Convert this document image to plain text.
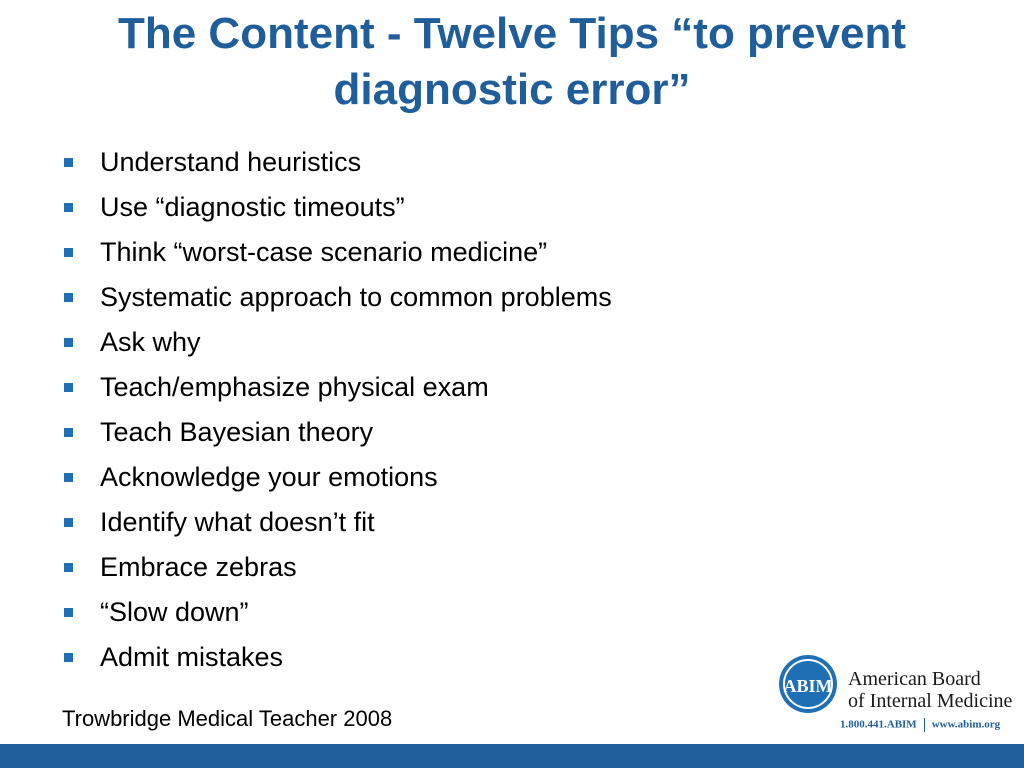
The Content - Twelve Tips “to prevent
diagnostic error”
Understand heuristics
Use “diagnostic timeouts”
Think “worst-case scenario medicine”
Systematic approach to common problems
Ask why
Teach/emphasize physical exam
Teach Bayesian theory
Acknowledge your emotions
Identify what doesn’t fit
Embrace zebras
“Slow down”
Admit mistakes
Trowbridge Medical Teacher 2008
ABIM American Board
of Internal Medicine
1.800.441.ABIM www.abim.org
